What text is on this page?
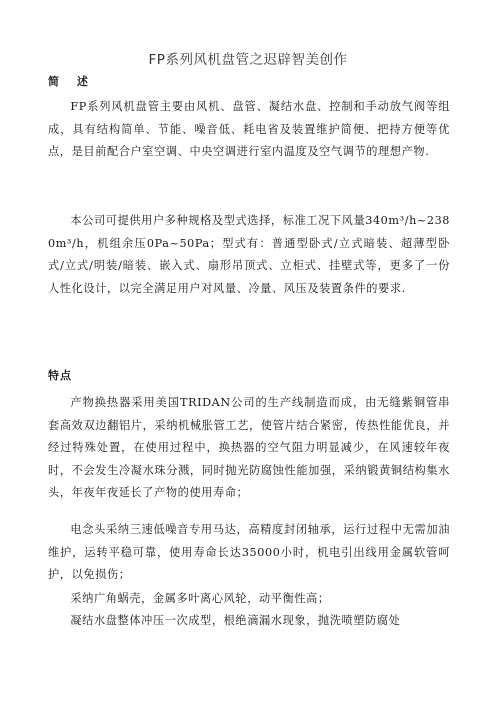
FP系列风机盘管之迟辟智美创作
简 述

FP系列风机盘管主要由风机、盘管、凝结水盘、控制和手动放气阀等组成，具有结构简单、节能、噪音低、耗电省及装置维护简便、把持方便等优点，是目前配合户室空调、中央空调进行室内温度及空气调节的理想产物.

本公司可提供用户多种规格及型式选择，标准工况下风量340m³/h~2380m³/h，机组余压0Pa~50Pa；型式有：普通型卧式/立式暗装、超薄型卧式/立式/明装/暗装、嵌入式、扇形吊顶式、立柜式、挂壁式等，更多了一份人性化设计，以完全满足用户对风量、冷量、风压及装置条件的要求.

特点

产物换热器采用美国TRIDAN公司的生产线制造而成，由无缝紫铜管串套高效双边翻铝片，采纳机械胀管工艺，使管片结合紧密，传热性能优良，并经过特殊处置，在使用过程中，换热器的空气阻力明显减少，在风速较年夜时，不会发生冷凝水珠分溅，同时抛光防腐蚀性能加强，采纳锻黄铜结构集水头，年夜年夜延长了产物的使用寿命；

电念头采纳三速低噪音专用马达，高精度封闭轴承，运行过程中无需加油维护，运转平稳可靠，使用寿命长达35000小时，机电引出线用金属软管呵护，以免损伤；

采纳广角蜗壳，金属多叶离心风轮，动平衡性高；

凝结水盘整体冲压一次成型，根绝滴漏水现象，抛洗喷塑防腐处
